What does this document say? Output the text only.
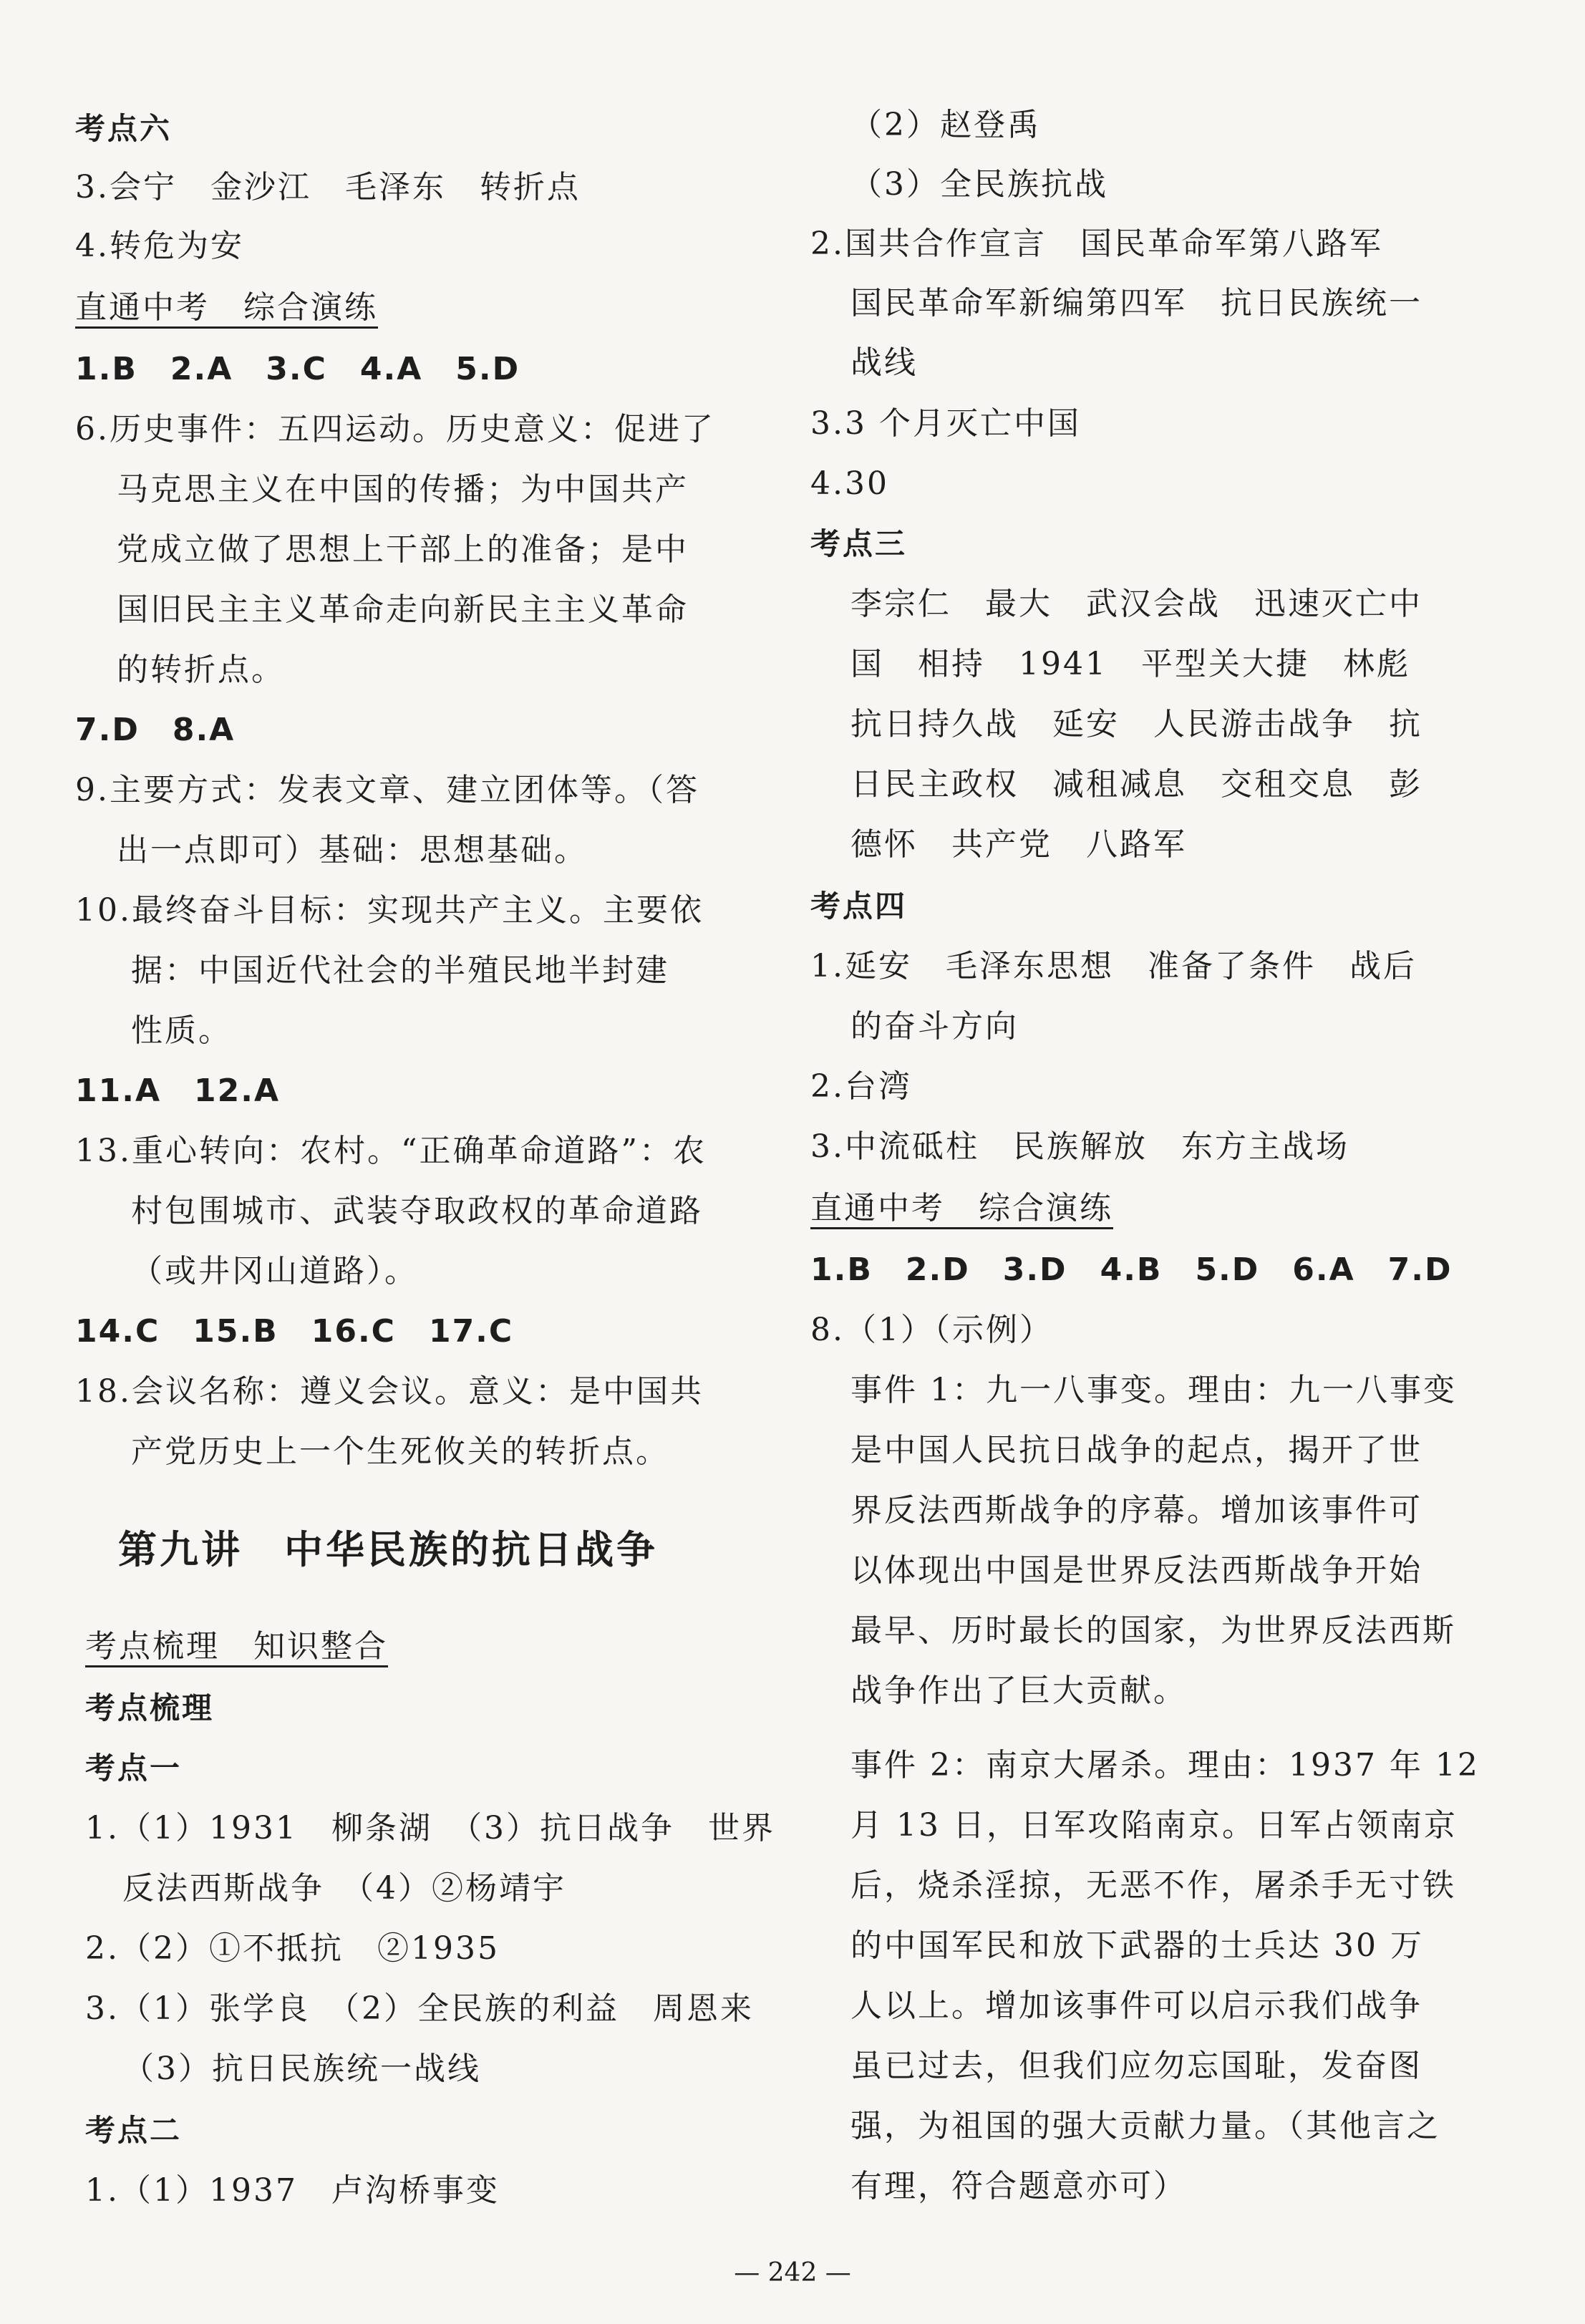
考点六
3.会宁　金沙江　毛泽东　转折点
4.转危为安
直通中考　综合演练
1.B　2.A　3.C　4.A　5.D
6.历史事件：五四运动。历史意义：促进了
马克思主义在中国的传播；为中国共产
党成立做了思想上干部上的准备；是中
国旧民主主义革命走向新民主主义革命
的转折点。
7.D　8.A
9.主要方式：发表文章、建立团体等。（答
出一点即可）基础：思想基础。
10.最终奋斗目标：实现共产主义。主要依
据：中国近代社会的半殖民地半封建
性质。
11.A　12.A
13.重心转向：农村。“正确革命道路”：农
村包围城市、武装夺取政权的革命道路
（或井冈山道路）。
14.C　15.B　16.C　17.C
18.会议名称：遵义会议。意义：是中国共
产党历史上一个生死攸关的转折点。
考点梳理　知识整合
考点梳理
考点一
1.（1）1931　柳条湖　（3）抗日战争　世界
反法西斯战争　（4）②杨靖宇
2.（2）①不抵抗　②1935
3.（1）张学良　（2）全民族的利益　周恩来
（3）抗日民族统一战线
考点二
1.（1）1937　卢沟桥事变
第九讲　中华民族的抗日战争
（2）赵登禹
（3）全民族抗战
2.国共合作宣言　国民革命军第八路军
国民革命军新编第四军　抗日民族统一
战线
3.3 个月灭亡中国
4.30
考点三
李宗仁　最大　武汉会战　迅速灭亡中
国　相持　1941　平型关大捷　林彪
抗日持久战　延安　人民游击战争　抗
日民主政权　减租减息　交租交息　彭
德怀　共产党　八路军
考点四
1.延安　毛泽东思想　准备了条件　战后
的奋斗方向
2.台湾
3.中流砥柱　民族解放　东方主战场
直通中考　综合演练
1.B　2.D　3.D　4.B　5.D　6.A　7.D
8.（1）（示例）
事件 1：九一八事变。理由：九一八事变
是中国人民抗日战争的起点，揭开了世
界反法西斯战争的序幕。增加该事件可
以体现出中国是世界反法西斯战争开始
最早、历时最长的国家，为世界反法西斯
战争作出了巨大贡献。
事件 2：南京大屠杀。理由：1937 年 12
月 13 日，日军攻陷南京。日军占领南京
后，烧杀淫掠，无恶不作，屠杀手无寸铁
的中国军民和放下武器的士兵达 30 万
人以上。增加该事件可以启示我们战争
虽已过去，但我们应勿忘国耻，发奋图
强，为祖国的强大贡献力量。（其他言之
有理，符合题意亦可）
— 242 —
